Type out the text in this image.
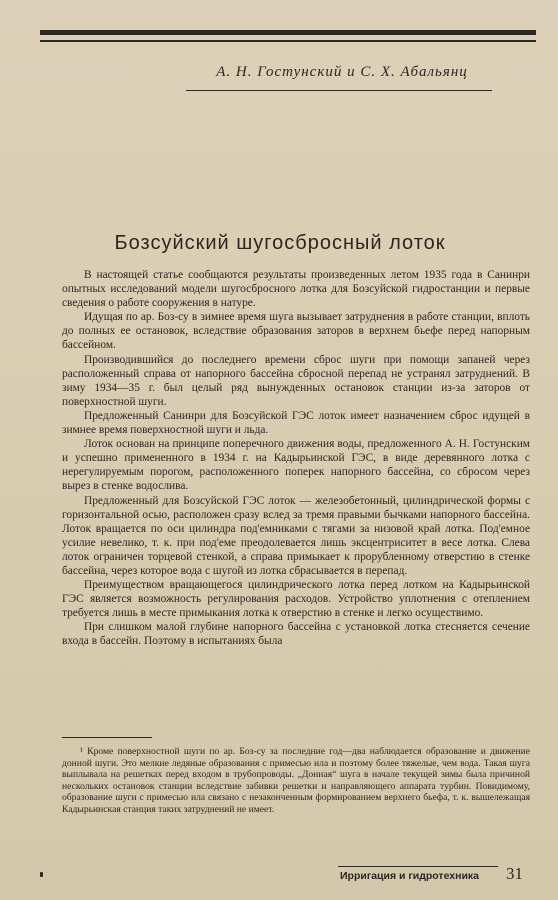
А. Н. Гостунский и С. Х. Абальянц
Бозсуйский шугосбросный лоток

В настоящей статье сообщаются результаты произведенных летом 1935 года в Санинри опытных исследований модели шугосбросного лотка для Бозсуйской гидростанции и первые сведения о работе сооружения в натуре.

Идущая по ар. Боз-су в зимнее время шуга вызывает затруднения в работе станции, вплоть до полных ее остановок, вследствие образования заторов в верхнем бьефе перед напорным бассейном.

Производившийся до последнего времени сброс шуги при помощи запаней через расположенный справа от напорного бассейна сбросной перепад не устранял затруднений. В зиму 1934—35 г. был целый ряд вынужденных остановок станции из-за заторов от поверхностной шуги.

Предложенный Санинри для Бозсуйской ГЭС лоток имеет назначением сброс идущей в зимнее время поверхностной шуги и льда.

Лоток основан на принципе поперечного движения воды, предложенного А. Н. Гостунским и успешно примененного в 1934 г. на Кадырьинской ГЭС, в виде деревянного лотка с нерегулируемым порогом, расположенного поперек напорного бассейна, со сбросом через вырез в стенке водослива.

Предложенный для Бозсуйской ГЭС лоток — железобетонный, цилиндрической формы с горизонтальной осью, расположен сразу вслед за тремя правыми бычками напорного бассейна. Лоток вращается по оси цилиндра под'емниками с тягами за низовой край лотка. Под'емное усилие невелико, т. к. при под'еме преодолевается лишь эксцентриситет в весе лотка. Слева лоток ограничен торцевой стенкой, а справа примыкает к прорубленному отверстию в стенке бассейна, через которое вода с шугой из лотка сбрасывается в перепад.

Преимуществом вращающегося цилиндрического лотка перед лотком на Кадырьинской ГЭС является возможность регулирования расходов. Устройство уплотнения с отеплением требуется лишь в месте примыкания лотка к отверстию в стенке и легко осуществимо.

При слишком малой глубине напорного бассейна с установкой лотка стесняется сечение входа в бассейн. Поэтому в испытаниях была

¹ Кроме поверхностной шуги по ар. Боз-су за последние год—два наблюдается образование и движение донной шуги. Это мелкие ледяные образования с примесью ила и поэтому более тяжелые, чем вода. Такая шуга выплывала на решетках перед входом в трубопроводы. „Донная“ шуга в начале текущей зимы была причиной нескольких остановок станции вследствие забивки решетки и направляющего аппарата турбин. Повидимому, образование шуги с примесью ила связано с незаконченным формированием верхнего бьефа, т. к. вышележащая Кадырьинская станция таких затруднений не имеет.

Ирригация и гидротехника 31
